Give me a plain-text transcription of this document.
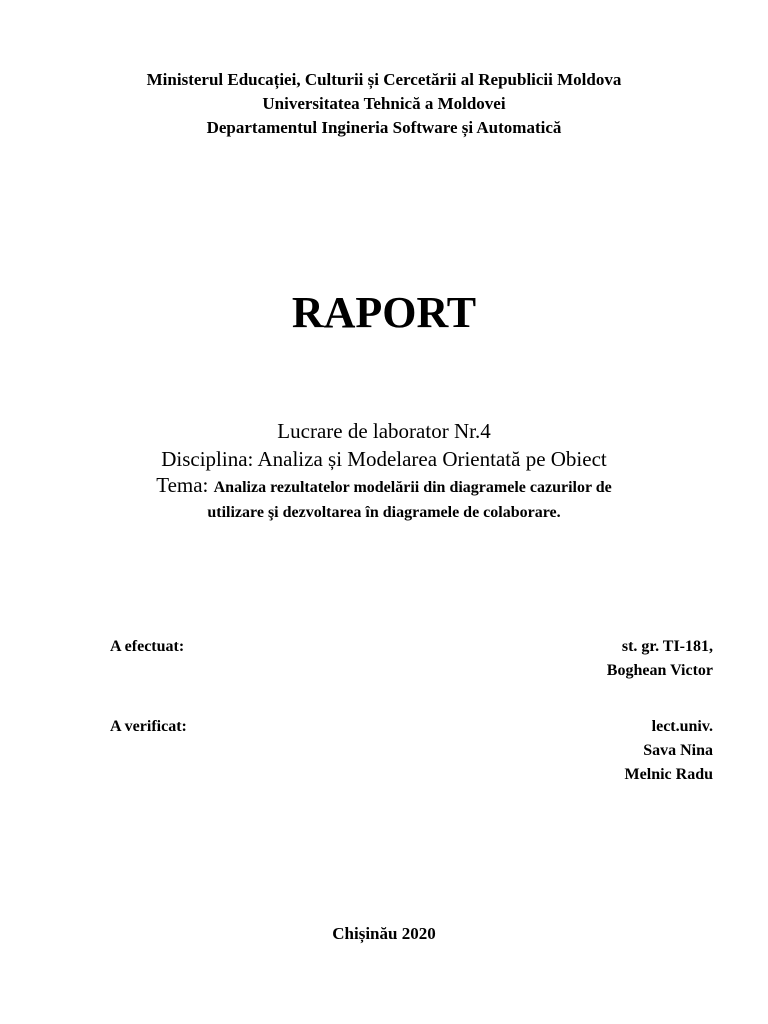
Ministerul Educației, Culturii și Cercetării al Republicii Moldova
Universitatea Tehnică a Moldovei
Departamentul Ingineria Software și Automatică
RAPORT
Lucrare de laborator Nr.4
Disciplina: Analiza și Modelarea Orientată pe Obiect
Tema: Analiza rezultatelor modelării din diagramele cazurilor de
utilizare şi dezvoltarea în diagramele de colaborare.
A efectuat:	st. gr. TI-181,
Boghean Victor
A verificat:	lect.univ.
Sava Nina
Melnic Radu
Chișinău 2020
